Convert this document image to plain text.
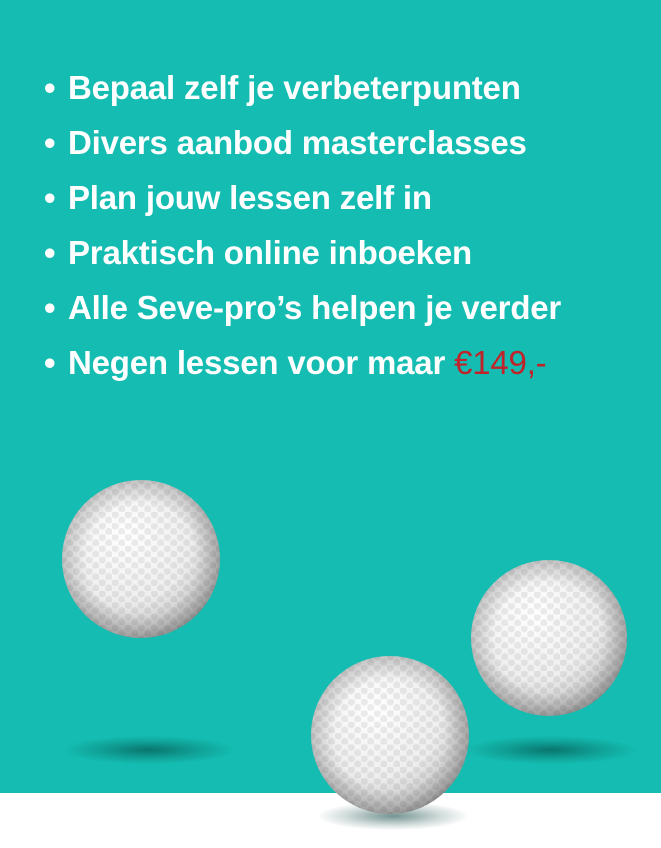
• Bepaal zelf je verbeterpunten
• Divers aanbod masterclasses
• Plan jouw lessen zelf in
• Praktisch online inboeken
• Alle Seve-pro’s helpen je verder
• Negen lessen voor maar €149,-
